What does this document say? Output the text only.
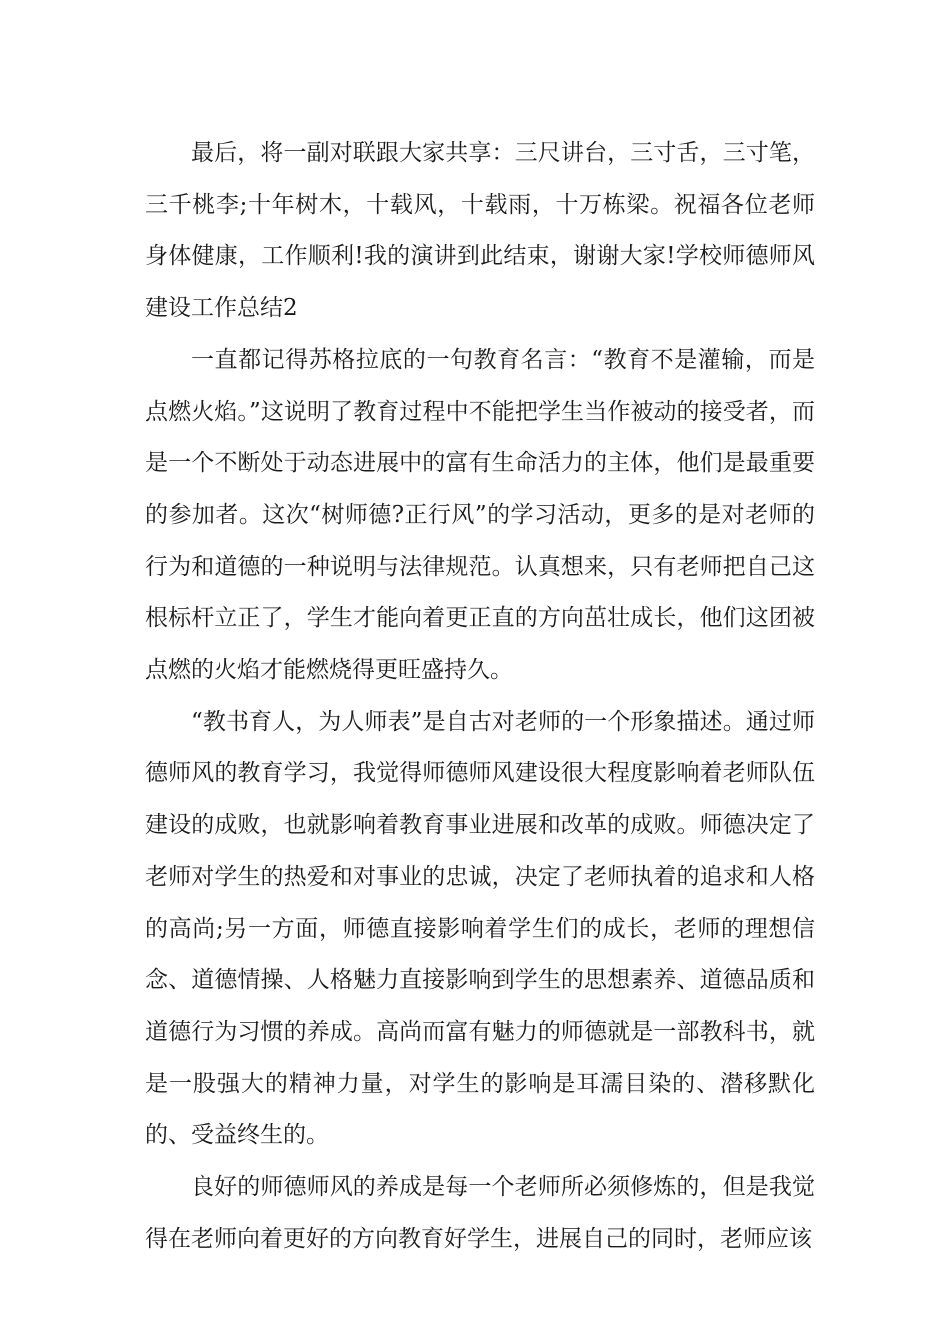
最后，将一副对联跟大家共享：三尺讲台，三寸舌，三寸笔，三千桃李;十年树木，十载风，十载雨，十万栋梁。祝福各位老师身体健康，工作顺利!我的演讲到此结束，谢谢大家!学校师德师风建设工作总结2

一直都记得苏格拉底的一句教育名言：“教育不是灌输，而是点燃火焰。”这说明了教育过程中不能把学生当作被动的接受者，而是一个不断处于动态进展中的富有生命活力的主体，他们是最重要的参加者。这次“树师德?正行风”的学习活动，更多的是对老师的行为和道德的一种说明与法律规范。认真想来，只有老师把自己这根标杆立正了，学生才能向着更正直的方向茁壮成长，他们这团被点燃的火焰才能燃烧得更旺盛持久。

“教书育人，为人师表”是自古对老师的一个形象描述。通过师德师风的教育学习，我觉得师德师风建设很大程度影响着老师队伍建设的成败，也就影响着教育事业进展和改革的成败。师德决定了老师对学生的热爱和对事业的忠诚，决定了老师执着的追求和人格的高尚;另一方面，师德直接影响着学生们的成长，老师的理想信念、道德情操、人格魅力直接影响到学生的思想素养、道德品质和道德行为习惯的养成。高尚而富有魅力的师德就是一部教科书，就是一股强大的精神力量，对学生的影响是耳濡目染的、潜移默化的、受益终生的。

良好的师德师风的养成是每一个老师所必须修炼的，但是我觉得在老师向着更好的方向教育好学生，进展自己的同时，老师应该
